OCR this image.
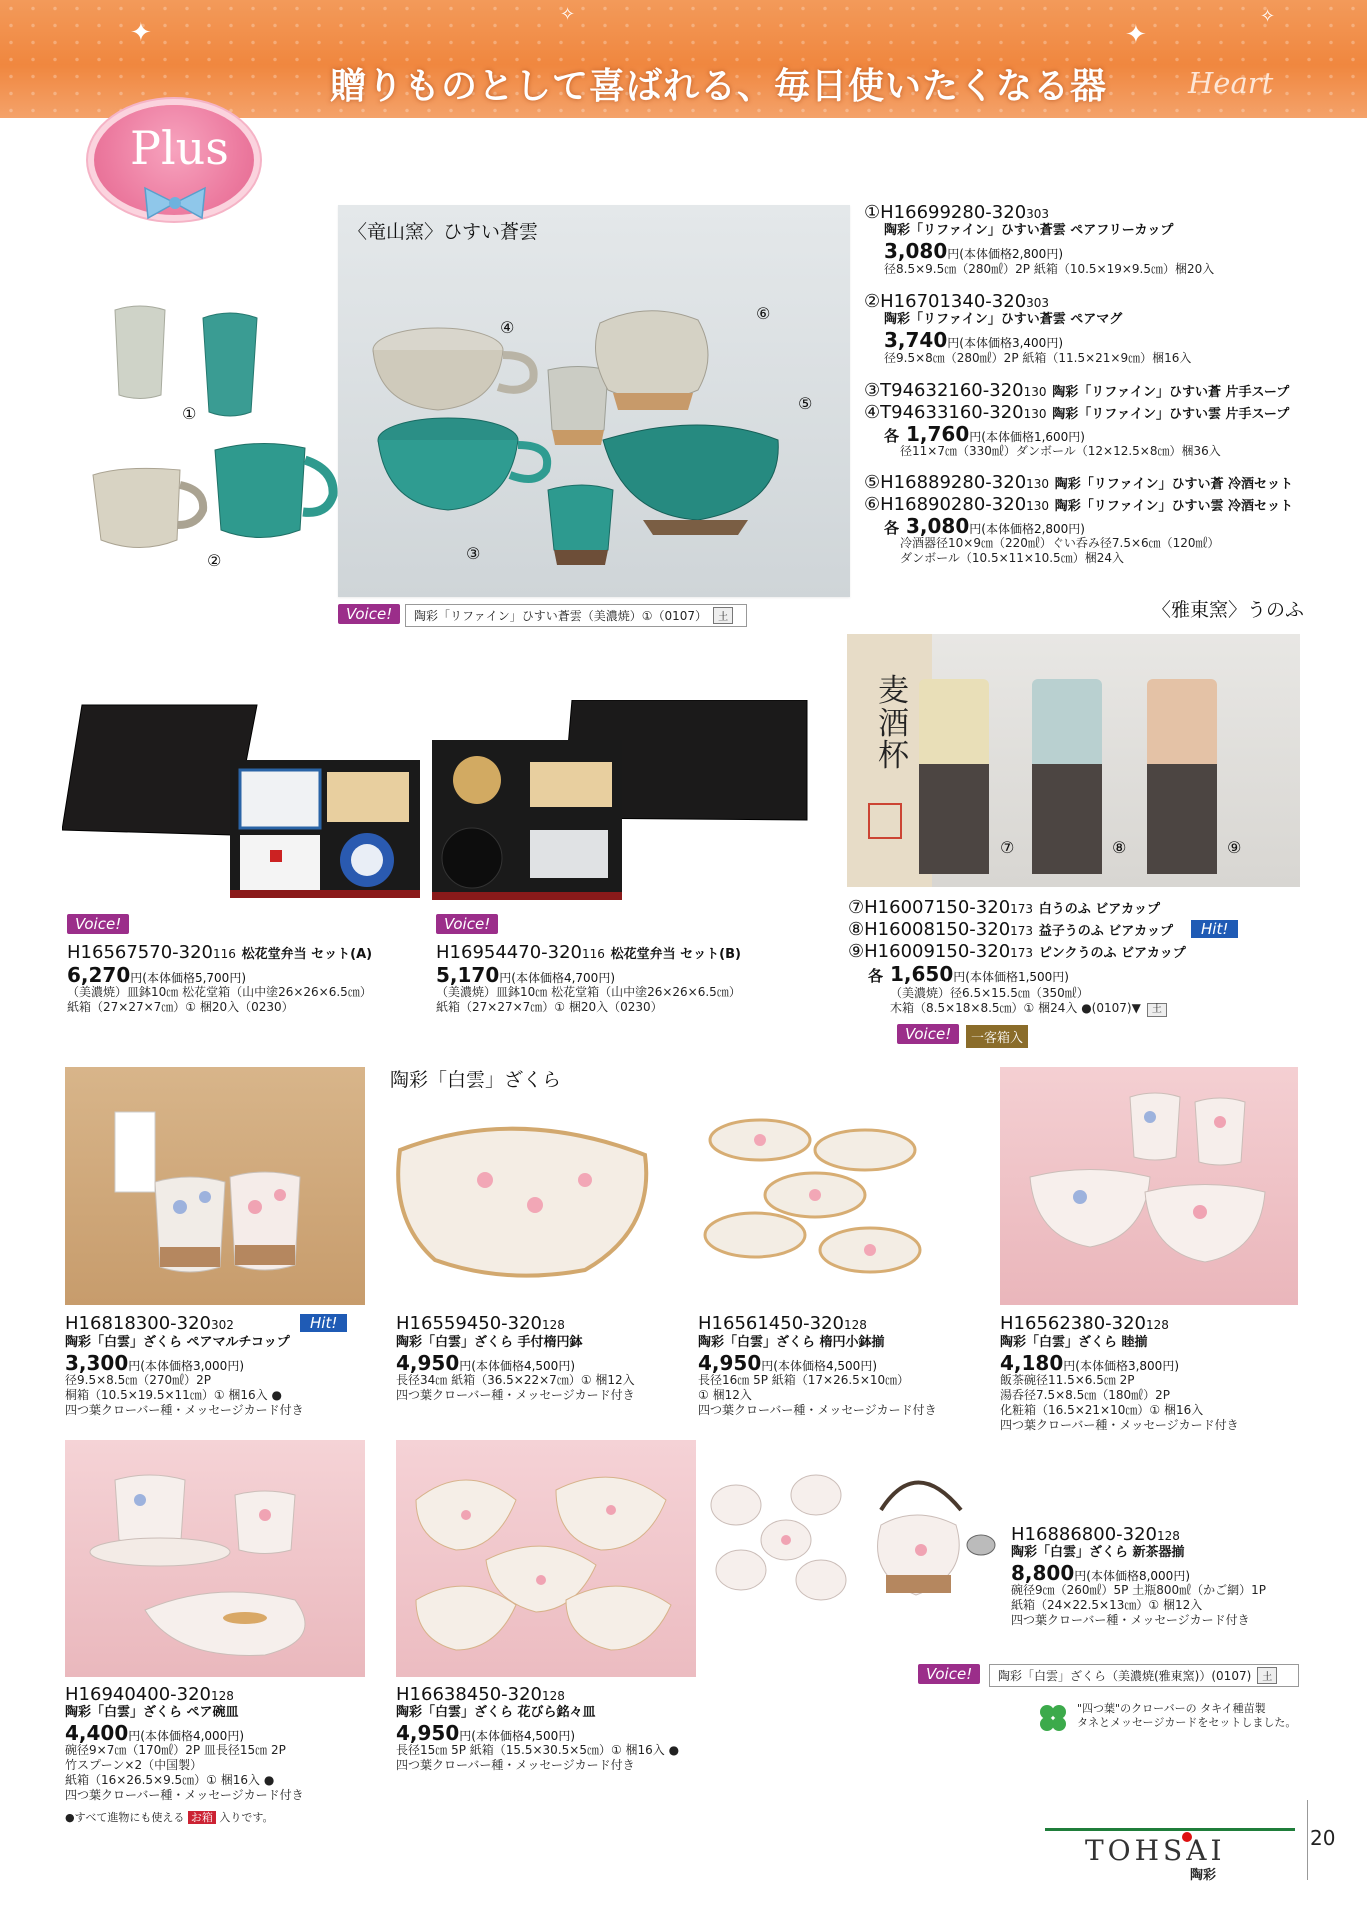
✦
✧
✦
✧
贈りものとして喜ばれる、毎日使いたくなる器	Heart
Plus
①
②
〈竜山窯〉ひすい蒼雲
④
⑥
⑤
③
Voice!	陶彩「リファイン」ひすい蒼雲（美濃焼）①（0107） 土
①H16699280-320303
陶彩「リファイン」ひすい蒼雲 ペアフリーカップ
3,080円(本体価格2,800円)
径8.5×9.5㎝（280㎖）2P 紙箱（10.5×19×9.5㎝）梱20入
②H16701340-320303
陶彩「リファイン」ひすい蒼雲 ペアマグ
3,740円(本体価格3,400円)
径9.5×8㎝（280㎖）2P 紙箱（11.5×21×9㎝）梱16入
③T94632160-320130 陶彩「リファイン」ひすい蒼 片手スープ
④T94633160-320130 陶彩「リファイン」ひすい雲 片手スープ
各 1,760円(本体価格1,600円)
径11×7㎝（330㎖）ダンボール（12×12.5×8㎝）梱36入
⑤H16889280-320130 陶彩「リファイン」ひすい蒼 冷酒セット
⑥H16890280-320130 陶彩「リファイン」ひすい雲 冷酒セット
各 3,080円(本体価格2,800円)
冷酒器径10×9㎝（220㎖）ぐい呑み径7.5×6㎝（120㎖）
ダンボール（10.5×11×10.5㎝）梱24入
Voice!
H16567570-320116 松花堂弁当 セット(A)
6,270円(本体価格5,700円)
（美濃焼）皿鉢10㎝ 松花堂箱（山中塗26×26×6.5㎝）
紙箱（27×27×7㎝）① 梱20入（0230）
Voice!
H16954470-320116 松花堂弁当 セット(B)
5,170円(本体価格4,700円)
（美濃焼）皿鉢10㎝ 松花堂箱（山中塗26×26×6.5㎝）
紙箱（27×27×7㎝）① 梱20入（0230）
〈雅東窯〉うのふ
麦酒杯
⑦	⑧	⑨
⑦H16007150-320173 白うのふ ビアカップ
⑧H16008150-320173 益子うのふ ビアカップ	Hit!
⑨H16009150-320173 ピンクうのふ ビアカップ
各 1,650円(本体価格1,500円)
（美濃焼）径6.5×15.5㎝（350㎖）
木箱（8.5×18×8.5㎝）① 梱24入 ●(0107)▼ 土
Voice!	一客箱入
陶彩「白雲」ざくら
H16818300-320302	Hit!
陶彩「白雲」ざくら ペアマルチコップ
3,300円(本体価格3,000円)
径9.5×8.5㎝（270㎖）2P
桐箱（10.5×19.5×11㎝）① 梱16入 ●
四つ葉クローバー種・メッセージカード付き
H16559450-320128
陶彩「白雲」ざくら 手付楕円鉢
4,950円(本体価格4,500円)
長径34㎝ 紙箱（36.5×22×7㎝）① 梱12入
四つ葉クローバー種・メッセージカード付き
H16561450-320128
陶彩「白雲」ざくら 楕円小鉢揃
4,950円(本体価格4,500円)
長径16㎝ 5P 紙箱（17×26.5×10㎝）
① 梱12入
四つ葉クローバー種・メッセージカード付き
H16562380-320128
陶彩「白雲」ざくら 睦揃
4,180円(本体価格3,800円)
飯茶碗径11.5×6.5㎝ 2P
湯呑径7.5×8.5㎝（180㎖）2P
化粧箱（16.5×21×10㎝）① 梱16入
四つ葉クローバー種・メッセージカード付き
H16940400-320128
陶彩「白雲」ざくら ペア碗皿
4,400円(本体価格4,000円)
碗径9×7㎝（170㎖）2P 皿長径15㎝ 2P
竹スプーン×2（中国製）
紙箱（16×26.5×9.5㎝）① 梱16入 ●
四つ葉クローバー種・メッセージカード付き
H16638450-320128
陶彩「白雲」ざくら 花びら銘々皿
4,950円(本体価格4,500円)
長径15㎝ 5P 紙箱（15.5×30.5×5㎝）① 梱16入 ●
四つ葉クローバー種・メッセージカード付き
H16886800-320128
陶彩「白雲」ざくら 新茶器揃
8,800円(本体価格8,000円)
碗径9㎝（260㎖）5P 土瓶800㎖（かご網）1P
紙箱（24×22.5×13㎝）① 梱12入
四つ葉クローバー種・メッセージカード付き
Voice!	陶彩「白雲」ざくら（美濃焼(雅東窯)）(0107) 土
"四つ葉"のクローバーの タキイ種苗製
タネとメッセージカードをセットしました。
●すべて進物にも使える お箱 入りです。
TOHSAI
陶彩
20
